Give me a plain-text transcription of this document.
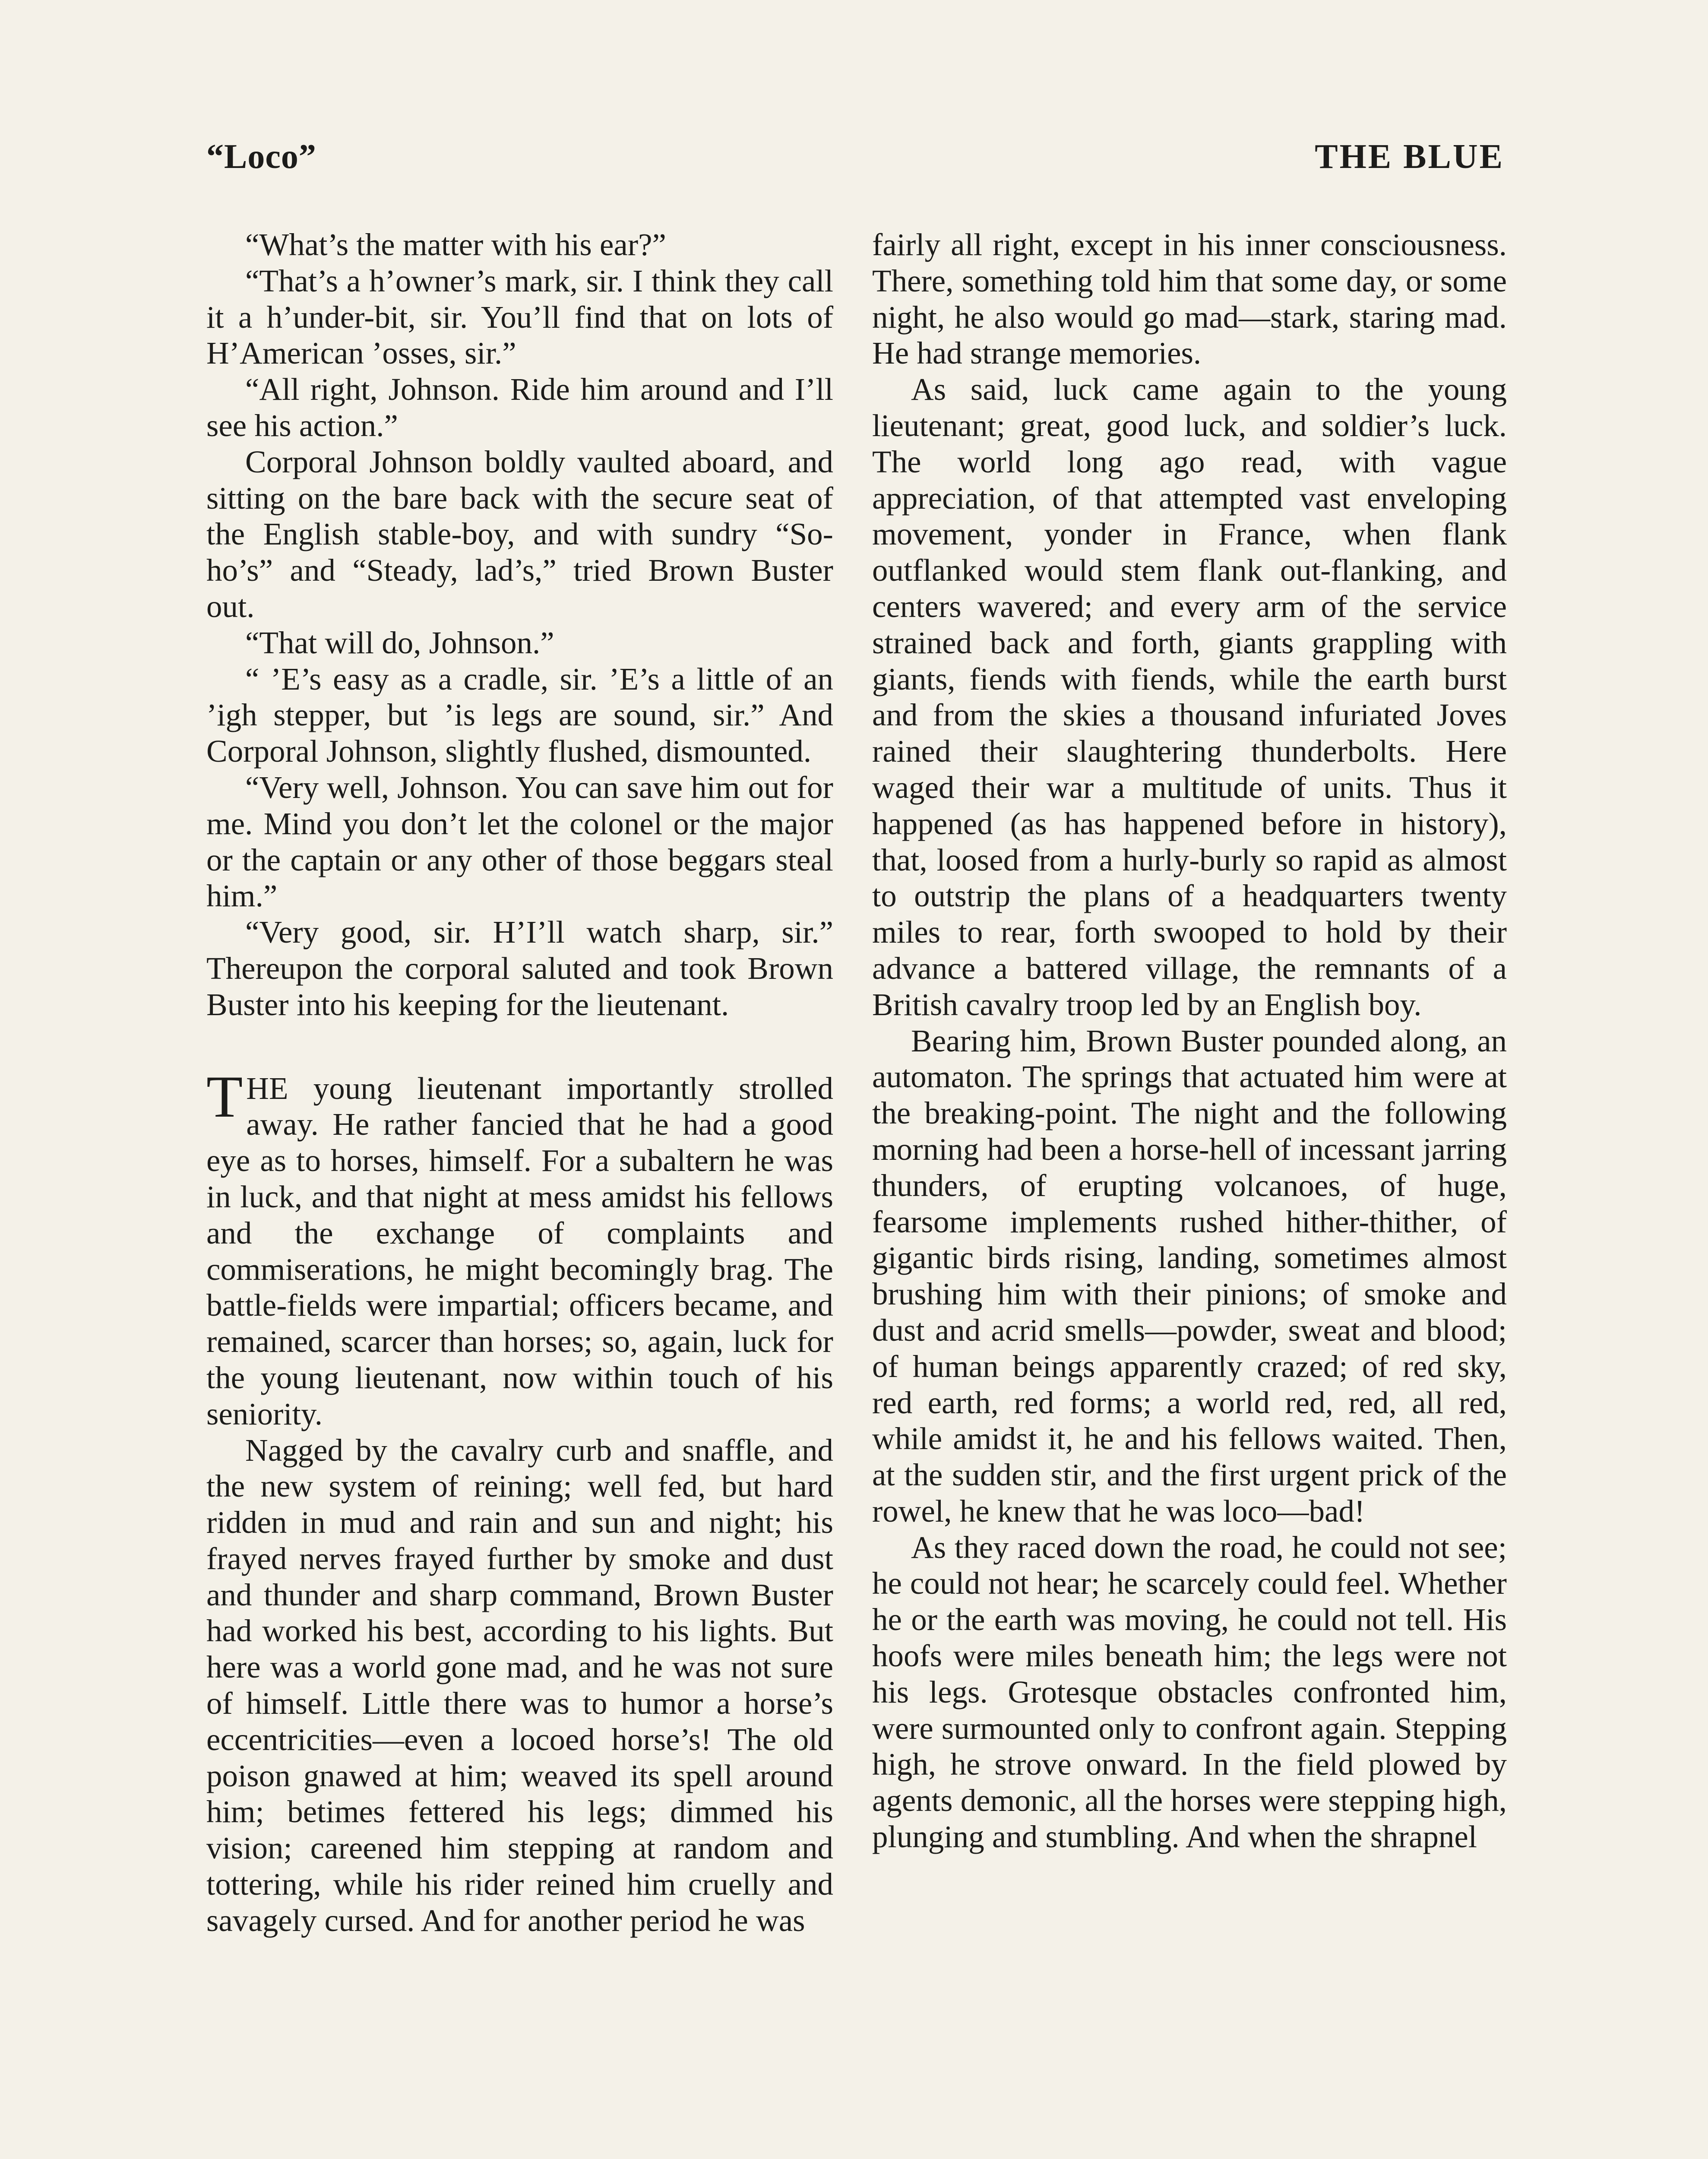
“Loco”	THE BLUE

“What’s the matter with his ear?”

“That’s a h’owner’s mark, sir. I think they call it a h’under-bit, sir. You’ll find that on lots of H’American ’osses, sir.”

“All right, Johnson. Ride him around and I’ll see his action.”

Corporal Johnson boldly vaulted aboard, and sitting on the bare back with the secure seat of the English stable-boy, and with sundry “So-ho’s” and “Steady, lad’s,” tried Brown Buster out.

“That will do, Johnson.”

“ ’E’s easy as a cradle, sir. ’E’s a little of an ’igh stepper, but ’is legs are sound, sir.” And Corporal Johnson, slightly flushed, dismounted.

“Very well, Johnson. You can save him out for me. Mind you don’t let the colonel or the major or the captain or any other of those beggars steal him.”

“Very good, sir. H’I’ll watch sharp, sir.” Thereupon the corporal saluted and took Brown Buster into his keeping for the lieutenant.

THE young lieutenant importantly strolled away. He rather fancied that he had a good eye as to horses, himself. For a subaltern he was in luck, and that night at mess amidst his fellows and the exchange of complaints and commiserations, he might becomingly brag. The battle-fields were impartial; officers became, and remained, scarcer than horses; so, again, luck for the young lieutenant, now within touch of his seniority.

Nagged by the cavalry curb and snaffle, and the new system of reining; well fed, but hard ridden in mud and rain and sun and night; his frayed nerves frayed further by smoke and dust and thunder and sharp command, Brown Buster had worked his best, according to his lights. But here was a world gone mad, and he was not sure of himself. Little there was to humor a horse’s eccentricities—even a locoed horse’s! The old poison gnawed at him; weaved its spell around him; betimes fettered his legs; dimmed his vision; careened him stepping at random and tottering, while his rider reined him cruelly and savagely cursed. And for another period he was

fairly all right, except in his inner consciousness. There, something told him that some day, or some night, he also would go mad—stark, staring mad. He had strange memories.

As said, luck came again to the young lieutenant; great, good luck, and soldier’s luck. The world long ago read, with vague appreciation, of that attempted vast enveloping movement, yonder in France, when flank outflanked would stem flank out-flanking, and centers wavered; and every arm of the service strained back and forth, giants grappling with giants, fiends with fiends, while the earth burst and from the skies a thousand infuriated Joves rained their slaughtering thunderbolts. Here waged their war a multitude of units. Thus it happened (as has happened before in history), that, loosed from a hurly-burly so rapid as almost to outstrip the plans of a headquarters twenty miles to rear, forth swooped to hold by their advance a battered village, the remnants of a British cavalry troop led by an English boy.

Bearing him, Brown Buster pounded along, an automaton. The springs that actuated him were at the breaking-point. The night and the following morning had been a horse-hell of incessant jarring thunders, of erupting volcanoes, of huge, fearsome implements rushed hither-thither, of gigantic birds rising, landing, sometimes almost brushing him with their pinions; of smoke and dust and acrid smells—powder, sweat and blood; of human beings apparently crazed; of red sky, red earth, red forms; a world red, red, all red, while amidst it, he and his fellows waited. Then, at the sudden stir, and the first urgent prick of the rowel, he knew that he was loco—bad!

As they raced down the road, he could not see; he could not hear; he scarcely could feel. Whether he or the earth was moving, he could not tell. His hoofs were miles beneath him; the legs were not his legs. Grotesque obstacles confronted him, were surmounted only to confront again. Stepping high, he strove onward. In the field plowed by agents demonic, all the horses were stepping high, plunging and stumbling. And when the shrapnel
